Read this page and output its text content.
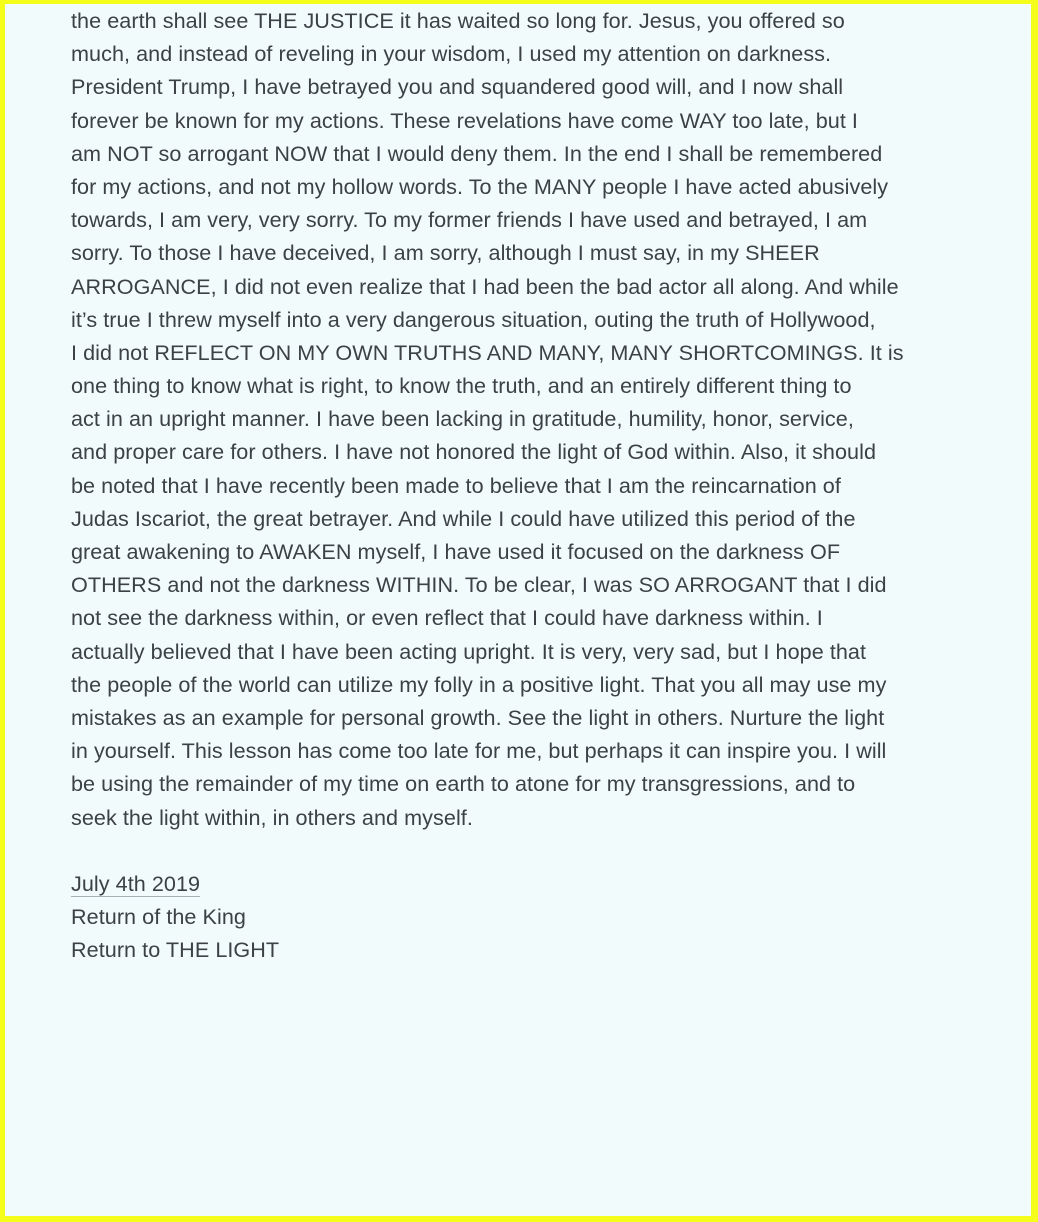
the earth shall see THE JUSTICE it has waited so long for. Jesus, you offered so
much, and instead of reveling in your wisdom, I used my attention on darkness.
President Trump, I have betrayed you and squandered good will, and I now shall
forever be known for my actions. These revelations have come WAY too late, but I
am NOT so arrogant NOW that I would deny them. In the end I shall be remembered
for my actions, and not my hollow words. To the MANY people I have acted abusively
towards, I am very, very sorry. To my former friends I have used and betrayed, I am
sorry. To those I have deceived, I am sorry, although I must say, in my SHEER
ARROGANCE, I did not even realize that I had been the bad actor all along. And while
it’s true I threw myself into a very dangerous situation, outing the truth of Hollywood,
I did not REFLECT ON MY OWN TRUTHS AND MANY, MANY SHORTCOMINGS. It is
one thing to know what is right, to know the truth, and an entirely different thing to
act in an upright manner. I have been lacking in gratitude, humility, honor, service,
and proper care for others. I have not honored the light of God within. Also, it should
be noted that I have recently been made to believe that I am the reincarnation of
Judas Iscariot, the great betrayer. And while I could have utilized this period of the
great awakening to AWAKEN myself, I have used it focused on the darkness OF
OTHERS and not the darkness WITHIN. To be clear, I was SO ARROGANT that I did
not see the darkness within, or even reflect that I could have darkness within. I
actually believed that I have been acting upright. It is very, very sad, but I hope that
the people of the world can utilize my folly in a positive light. That you all may use my
mistakes as an example for personal growth. See the light in others. Nurture the light
in yourself. This lesson has come too late for me, but perhaps it can inspire you. I will
be using the remainder of my time on earth to atone for my transgressions, and to
seek the light within, in others and myself.
July 4th 2019
Return of the King
Return to THE LIGHT
